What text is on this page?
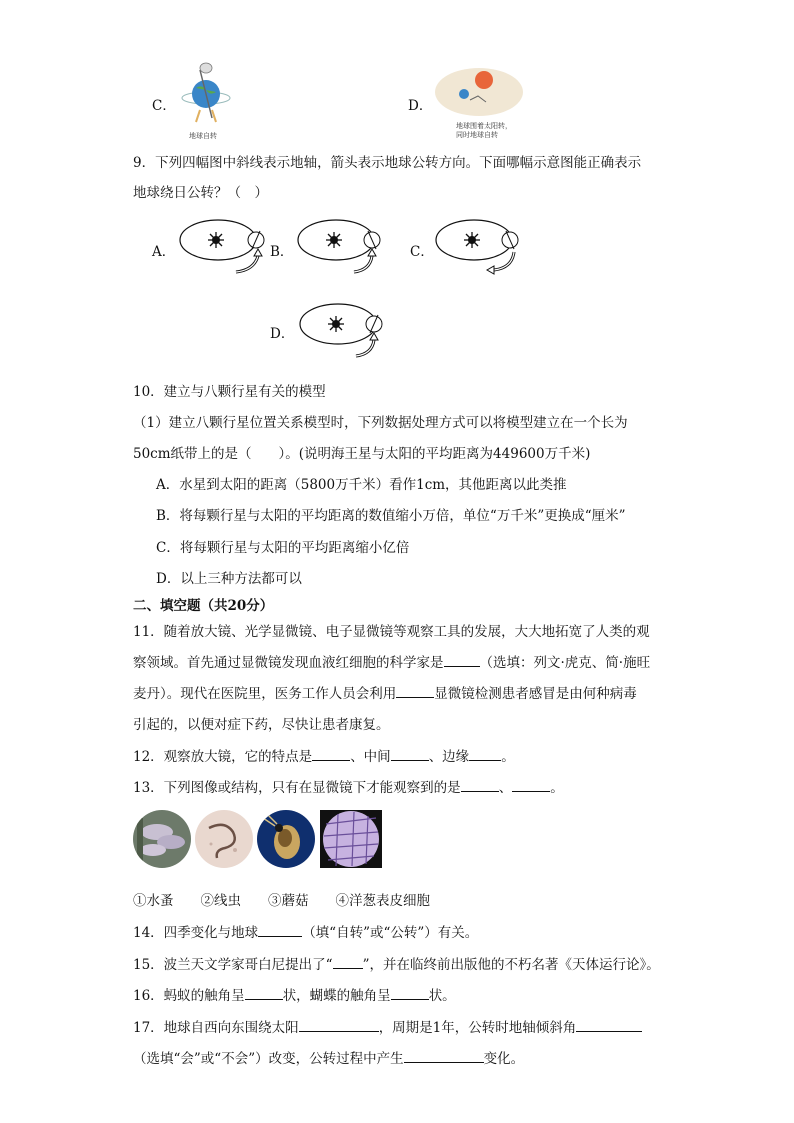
C．
地球自转
D．
地球围着太阳转，
同时地球自转
9．下列四幅图中斜线表示地轴，箭头表示地球公转方向。下面哪幅示意图能正确表示
地球绕日公转？（　）
A．	B．	C．
D．
10．建立与八颗行星有关的模型
（1）建立八颗行星位置关系模型时，下列数据处理方式可以将模型建立在一个长为
50cm纸带上的是（　　）。(说明海王星与太阳的平均距离为449600万千米)
A．水星到太阳的距离（5800万千米）看作1cm，其他距离以此类推
B．将每颗行星与太阳的平均距离的数值缩小万倍，单位“万千米”更换成“厘米”
C．将每颗行星与太阳的平均距离缩小亿倍
D．以上三种方法都可以
二、填空题（共20分）
11．随着放大镜、光学显微镜、电子显微镜等观察工具的发展，大大地拓宽了人类的观
察领域。首先通过显微镜发现血液红细胞的科学家是	（选填：列文·虎克、简·施旺
麦丹）。现代在医院里，医务工作人员会利用	显微镜检测患者感冒是由何种病毒
引起的，以便对症下药，尽快让患者康复。
12．观察放大镜，它的特点是	、中间	、边缘 。
13．下列图像或结构，只有在显微镜下才能观察到的是	、	。
①水蚤　　②线虫　　③蘑菇　　④洋葱表皮细胞
14．四季变化与地球	（填“自转”或“公转”）有关。
15．波兰天文学家哥白尼提出了“ ”，并在临终前出版他的不朽名著《天体运行论》。
16．蚂蚁的触角呈	状，蝴蝶的触角呈	状。
17．地球自西向东围绕太阳	，周期是1年，公转时地轴倾斜角
（选填“会”或“不会”）改变，公转过程中产生	变化。
